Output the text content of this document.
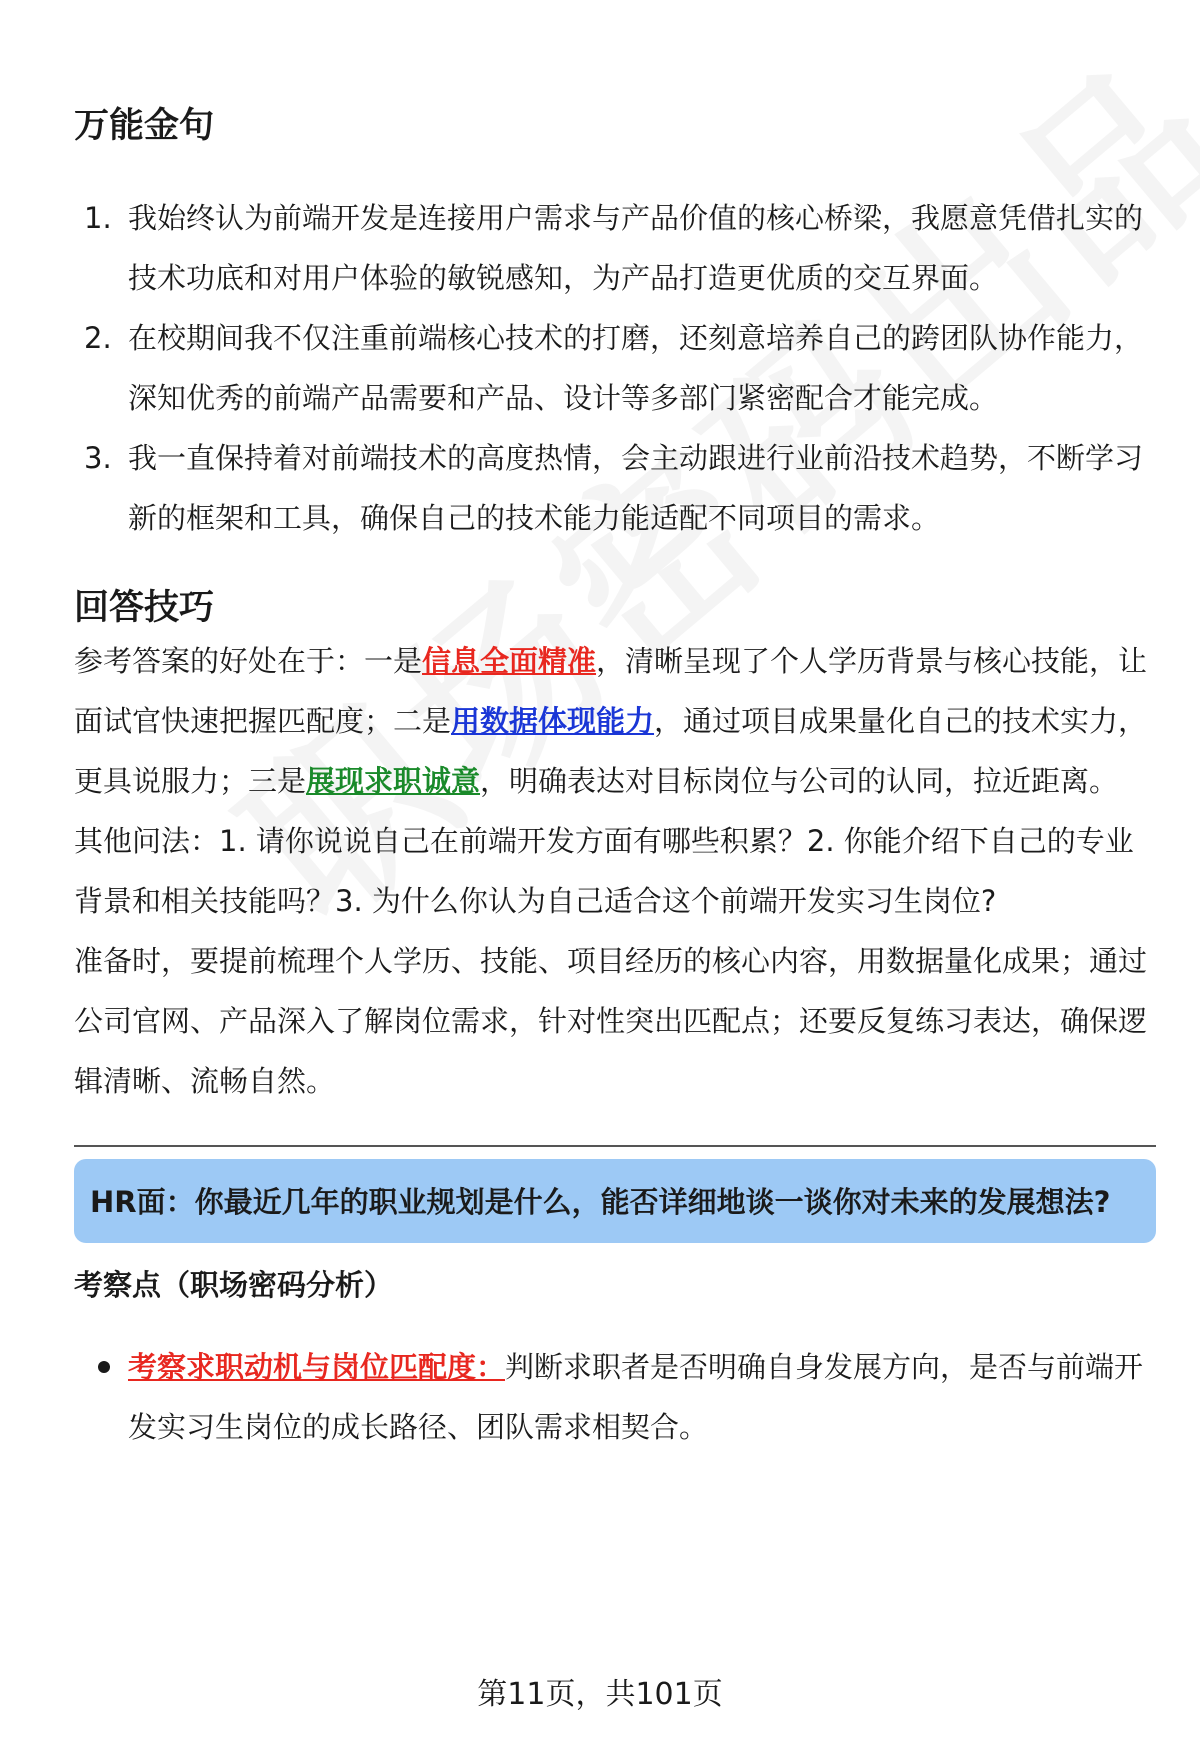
万能金句
1. 我始终认为前端开发是连接用户需求与产品价值的核心桥梁，我愿意凭借扎实的技术功底和对用户体验的敏锐感知，为产品打造更优质的交互界面。
2. 在校期间我不仅注重前端核心技术的打磨，还刻意培养自己的跨团队协作能力，深知优秀的前端产品需要和产品、设计等多部门紧密配合才能完成。
3. 我一直保持着对前端技术的高度热情，会主动跟进行业前沿技术趋势，不断学习新的框架和工具，确保自己的技术能力能适配不同项目的需求。
回答技巧

参考答案的好处在于：一是信息全面精准，清晰呈现了个人学历背景与核心技能，让面试官快速把握匹配度；二是用数据体现能力，通过项目成果量化自己的技术实力，更具说服力；三是展现求职诚意，明确表达对目标岗位与公司的认同，拉近距离。

其他问法：1. 请你说说自己在前端开发方面有哪些积累？2. 你能介绍下自己的专业背景和相关技能吗？3. 为什么你认为自己适合这个前端开发实习生岗位?

准备时，要提前梳理个人学历、技能、项目经历的核心内容，用数据量化成果；通过公司官网、产品深入了解岗位需求，针对性突出匹配点；还要反复练习表达，确保逻辑清晰、流畅自然。

HR面：你最近几年的职业规划是什么，能否详细地谈一谈你对未来的发展想法?
考察点（职场密码分析）
考察求职动机与岗位匹配度：判断求职者是否明确自身发展方向，是否与前端开发实习生岗位的成长路径、团队需求相契合。
第11页，共101页
